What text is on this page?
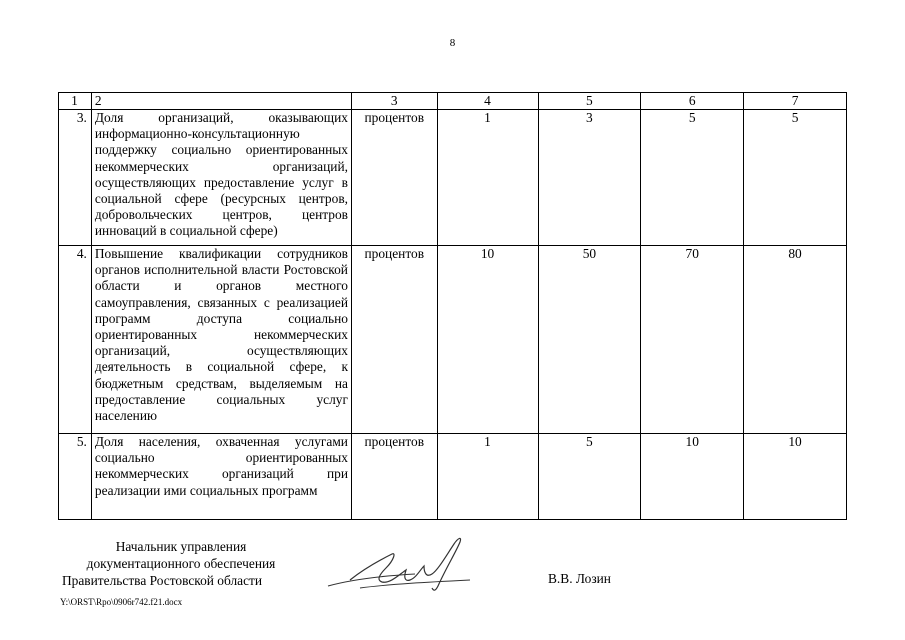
8
1	2	3	4	5	6	7
3.	Доля организаций, оказывающих информационно-консультационную поддержку социально ориентированных некоммерческих организаций, осуществляющих предоставление услуг в социальной сфере (ресурсных центров, добровольческих центров, центров инноваций в социальной сфере)	процентов	1	3	5	5
4.	Повышение квалификации сотрудников органов исполнительной власти Ростовской области и органов местного самоуправления, связанных с реализацией программ доступа социально ориентированных некоммерческих организаций, осуществляющих деятельность в социальной сфере, к бюджетным средствам, выделяемым на предоставление социальных услуг населению	процентов	10	50	70	80
5.	Доля населения, охваченная услугами социально ориентированных некоммерческих организаций при реализации ими социальных программ	процентов	1	5	10	10
Начальник управления
документационного обеспечения
Правительства Ростовской области	В.В. Лозин
Y:\ORST\Rpo\0906r742.f21.docx
